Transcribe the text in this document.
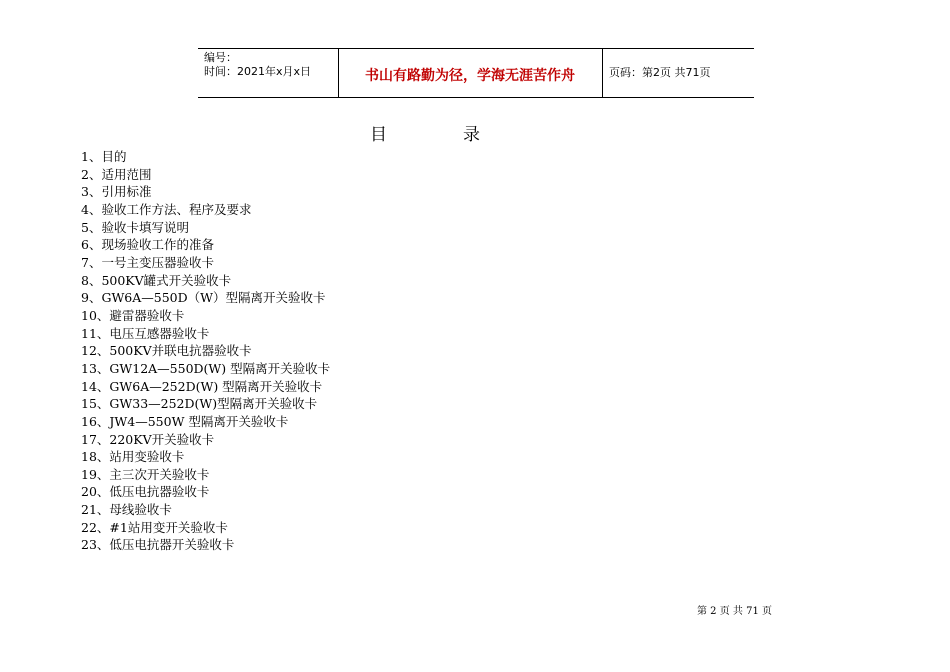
编号：
时间：2021年x月x日	书山有路勤为径，学海无涯苦作舟	页码：第2页 共71页
目	录
1、目的
2、适用范围
3、引用标准
4、验收工作方法、程序及要求
5、验收卡填写说明
6、现场验收工作的准备
7、一号主变压器验收卡
8、500KV罐式开关验收卡
9、GW6A—550D（W）型隔离开关验收卡
10、避雷器验收卡
11、电压互感器验收卡
12、500KV并联电抗器验收卡
13、GW12A—550D(W) 型隔离开关验收卡
14、GW6A—252D(W) 型隔离开关验收卡
15、GW33—252D(W)型隔离开关验收卡
16、JW4—550W 型隔离开关验收卡
17、220KV开关验收卡
18、站用变验收卡
19、主三次开关验收卡
20、低压电抗器验收卡
21、母线验收卡
22、#1站用变开关验收卡
23、低压电抗器开关验收卡
第 2 页 共 71 页
